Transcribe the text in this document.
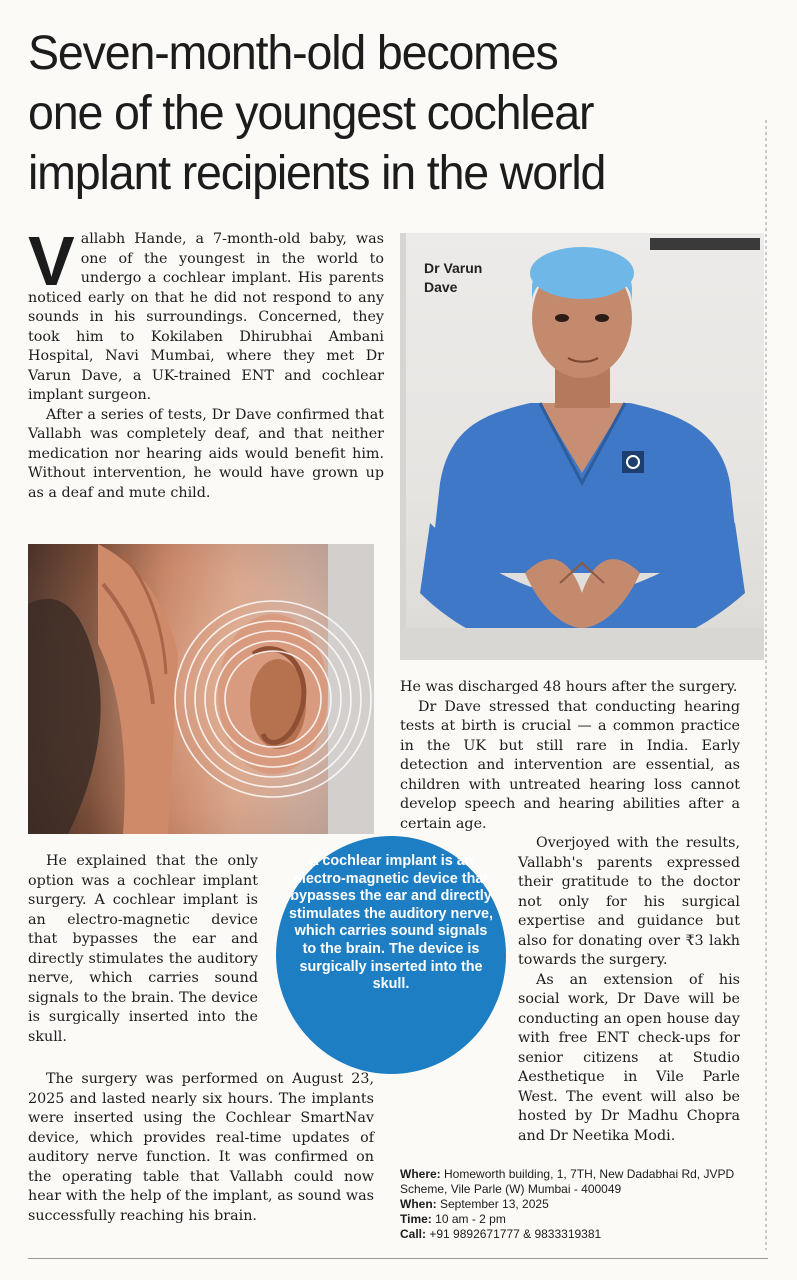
Seven-month-old becomes
one of the youngest cochlear
implant recipients in the world
V allabh Hande, a 7-month-old baby, was one of the youngest in the world to undergo a cochlear implant. His parents noticed early on that he did not respond to any sounds in his surroundings. Concerned, they took him to Kokilaben Dhirubhai Ambani Hospital, Navi Mumbai, where they met Dr Varun Dave, a UK-trained ENT and cochlear implant surgeon.

After a series of tests, Dr Dave confirmed that Vallabh was completely deaf, and that neither medication nor hearing aids would benefit him. Without intervention, he would have grown up as a deaf and mute child.

Dr Varun Dave

He was discharged 48 hours after the surgery.

Dr Dave stressed that conducting hearing tests at birth is crucial — a common practice in the UK but still rare in India. Early detection and intervention are essential, as children with untreated hearing loss cannot develop speech and hearing abilities after a certain age.

Overjoyed with the results, Vallabh's parents expressed their gratitude to the doctor not only for his surgical expertise and guidance but also for donating over ₹3 lakh towards the surgery.

As an extension of his social work, Dr Dave will be conducting an open house day with free ENT check-ups for senior citizens at Studio Aesthetique in Vile Parle West. The event will also be hosted by Dr Madhu Chopra and Dr Neetika Modi.

He explained that the only option was a cochlear implant surgery. A cochlear implant is an electro-magnetic device that bypasses the ear and directly stimulates the auditory nerve, which carries sound signals to the brain. The device is surgically inserted into the skull.

The surgery was performed on August 23, 2025 and lasted nearly six hours. The implants were inserted using the Cochlear SmartNav device, which provides real-time updates of auditory nerve function. It was confirmed on the operating table that Vallabh could now hear with the help of the implant, as sound was successfully reaching his brain.

A cochlear implant is an electro-magnetic device that bypasses the ear and directly stimulates the auditory nerve, which carries sound signals to the brain. The device is surgically inserted into the skull.
Where: Homeworth building, 1, 7TH, New Dadabhai Rd, JVPD Scheme, Vile Parle (W) Mumbai - 400049
When: September 13, 2025
Time: 10 am - 2 pm
Call: +91 9892671777 & 9833319381
